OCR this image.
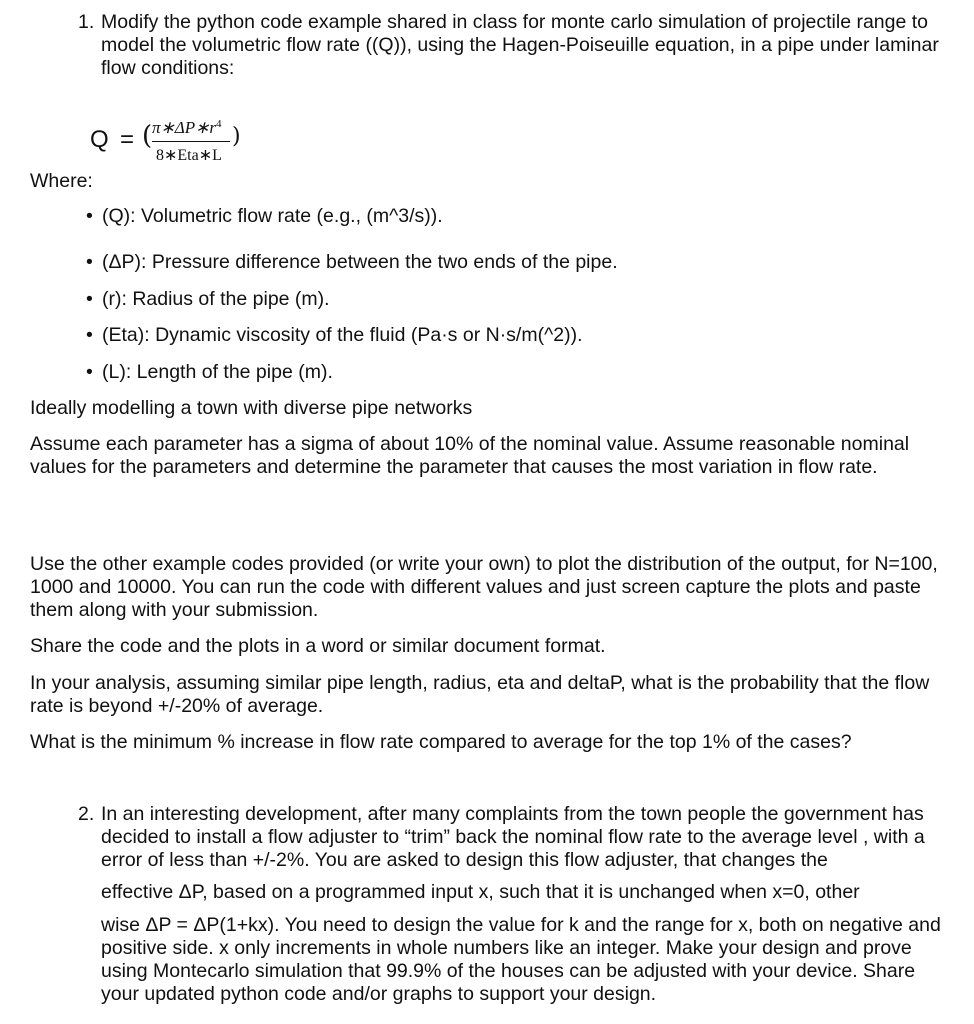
1. Modify the python code example shared in class for monte carlo simulation of projectile range to model the volumetric flow rate ((Q)), using the Hagen-Poiseuille equation, in a pipe under laminar flow conditions:
Q = ( $\pi∗\Delta P∗r^4$
8∗Eta∗L
)
Where:
• (Q): Volumetric flow rate (e.g., (m^3/s)).
• (ΔP): Pressure difference between the two ends of the pipe.
• (r): Radius of the pipe (m).
• (Eta): Dynamic viscosity of the fluid (Pa·s or N·s/m(^2)).
• (L): Length of the pipe (m).
Ideally modelling a town with diverse pipe networks
Assume each parameter has a sigma of about 10% of the nominal value. Assume reasonable nominal values for the parameters and determine the parameter that causes the most variation in flow rate.
Use the other example codes provided (or write your own) to plot the distribution of the output, for N=100, 1000 and 10000. You can run the code with different values and just screen capture the plots and paste them along with your submission.
Share the code and the plots in a word or similar document format.
In your analysis, assuming similar pipe length, radius, eta and deltaP, what is the probability that the flow rate is beyond +/-20% of average.
What is the minimum % increase in flow rate compared to average for the top 1% of the cases?
2. In an interesting development, after many complaints from the town people the government has decided to install a flow adjuster to “trim” back the nominal flow rate to the average level , with a error of less than +/-2%. You are asked to design this flow adjuster, that changes the
effective ΔP, based on a programmed input x, such that it is unchanged when x=0, other
wise ΔP = ΔP(1+kx). You need to design the value for k and the range for x, both on negative and positive side. x only increments in whole numbers like an integer. Make your design and prove using Montecarlo simulation that 99.9% of the houses can be adjusted with your device. Share your updated python code and/or graphs to support your design.
